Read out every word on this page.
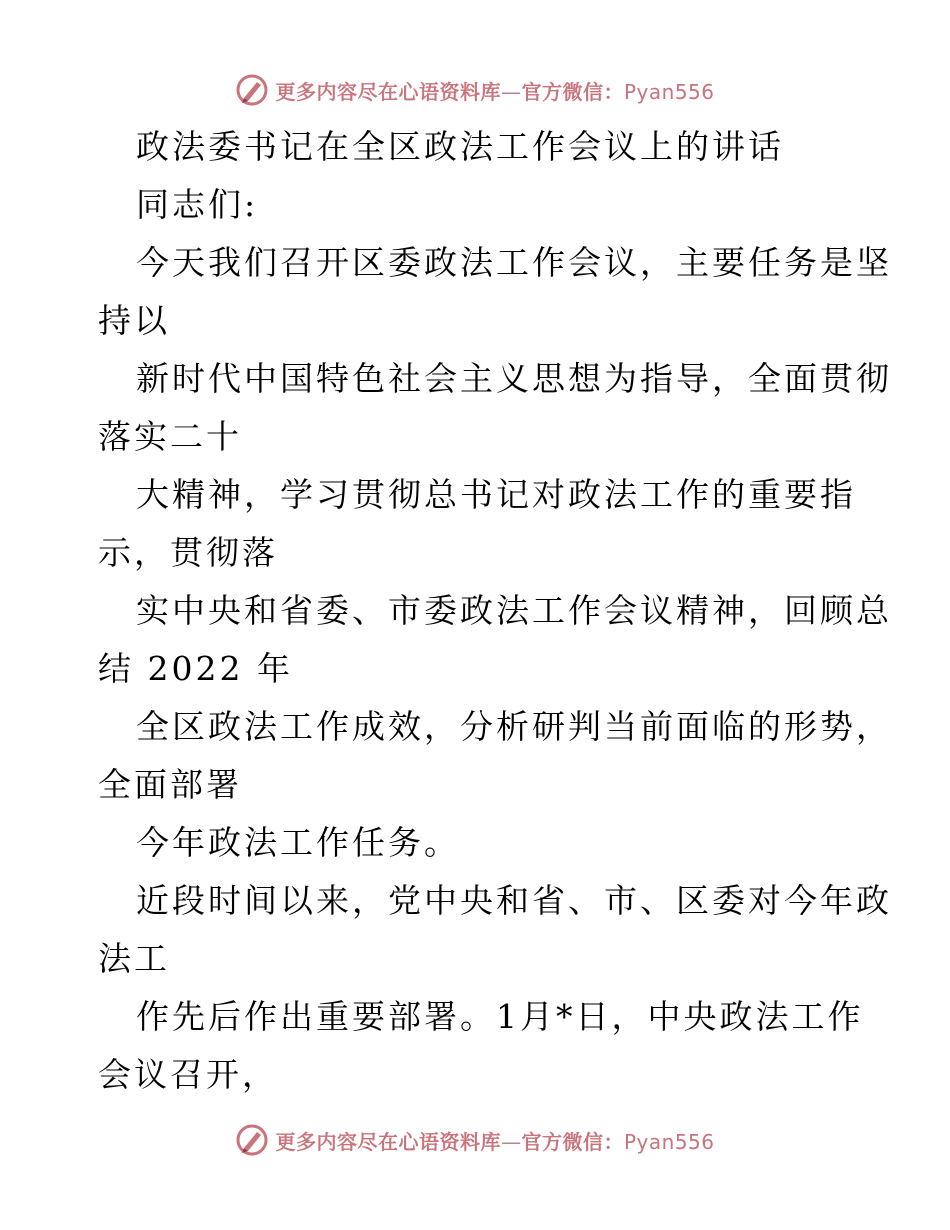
更多内容尽在心语资料库—官方微信：Pyan556
政法委书记在全区政法工作会议上的讲话
同志们:
今天我们召开区委政法工作会议，主要任务是坚
持以
新时代中国特色社会主义思想为指导，全面贯彻
落实二十
大精神，学习贯彻总书记对政法工作的重要指
示，贯彻落
实中央和省委、市委政法工作会议精神，回顾总
结 2022 年
全区政法工作成效，分析研判当前面临的形势，
全面部署
今年政法工作任务。
近段时间以来，党中央和省、市、区委对今年政
法工
作先后作出重要部署。1月*日，中央政法工作
会议召开，
更多内容尽在心语资料库—官方微信：Pyan556
